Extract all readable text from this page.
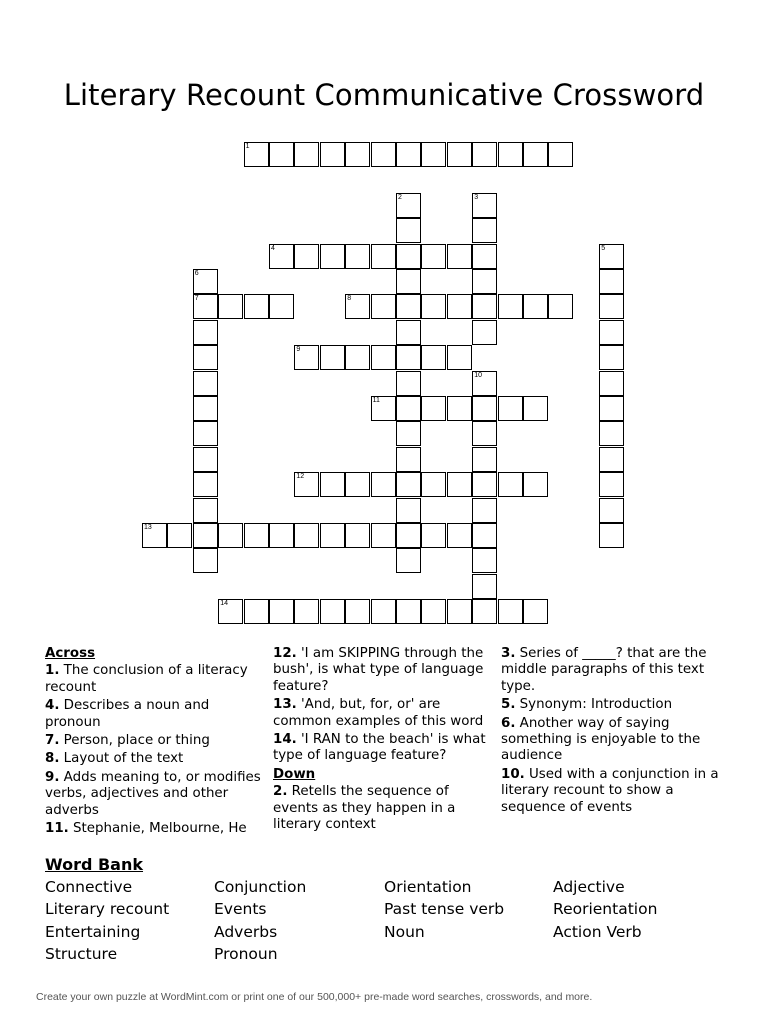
Literary Recount Communicative Crossword
1
2	3
4	5
6
7	8
9
10
11
12
13
14
Across
1. The conclusion of a literacy recount
4. Describes a noun and pronoun
7. Person, place or thing
8. Layout of the text
9. Adds meaning to, or modifies verbs, adjectives and other adverbs
11. Stephanie, Melbourne, He
12. 'I am SKIPPING through the bush', is what type of language feature?
13. 'And, but, for, or' are common examples of this word
14. 'I RAN to the beach' is what type of language feature?
Down
2. Retells the sequence of events as they happen in a literary context
3. Series of _____? that are the middle paragraphs of this text type.
5. Synonym: Introduction
6. Another way of saying something is enjoyable to the audience
10. Used with a conjunction in a literary recount to show a sequence of events
Word Bank
Connective
Literary recount
Entertaining
Structure
Conjunction
Events
Adverbs
Pronoun
Orientation
Past tense verb
Noun
Adjective
Reorientation
Action Verb
Create your own puzzle at WordMint.com or print one of our 500,000+ pre-made word searches, crosswords, and more.
